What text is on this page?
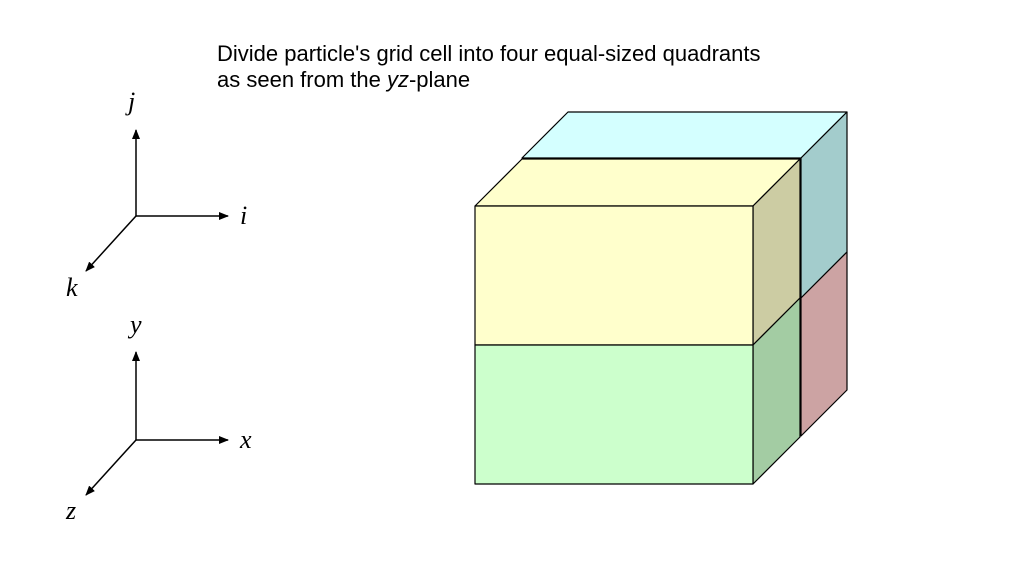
Divide particle's grid cell into four equal-sized quadrants
as seen from the yz-plane
j
i
k
y
x
z
